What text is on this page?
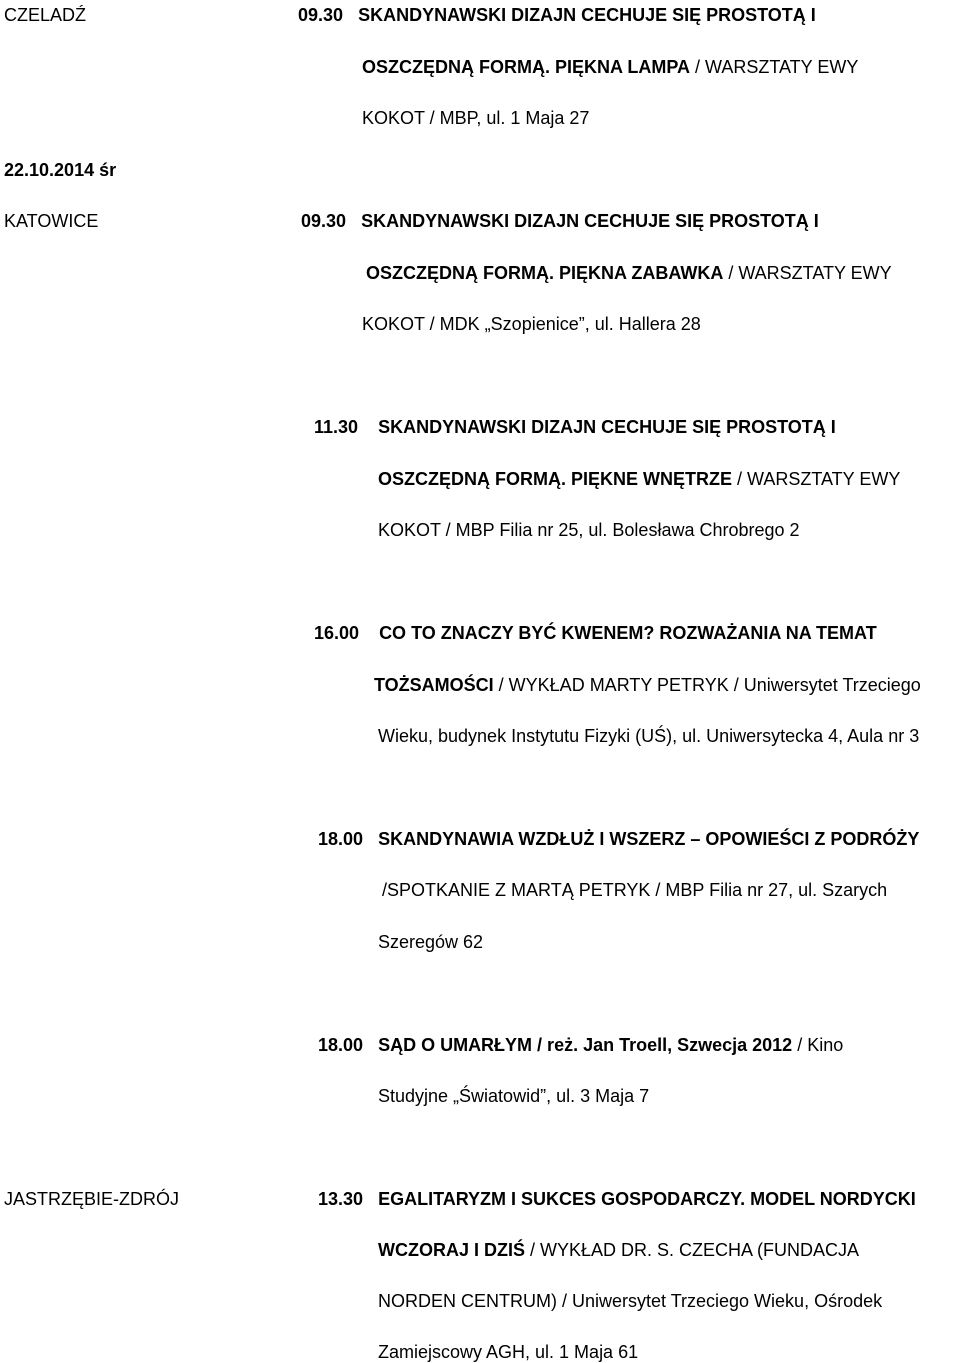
CZELADŹ	09.30 SKANDYNAWSKI DIZAJN CECHUJE SIĘ PROSTOTĄ I
OSZCZĘDNĄ FORMĄ. PIĘKNA LAMPA / WARSZTATY EWY
KOKOT / MBP, ul. 1 Maja 27
22.10.2014 śr
KATOWICE	09.30 SKANDYNAWSKI DIZAJN CECHUJE SIĘ PROSTOTĄ I
OSZCZĘDNĄ FORMĄ. PIĘKNA ZABAWKA / WARSZTATY EWY
KOKOT / MDK „Szopienice”, ul. Hallera 28
11.30 SKANDYNAWSKI DIZAJN CECHUJE SIĘ PROSTOTĄ I
OSZCZĘDNĄ FORMĄ. PIĘKNE WNĘTRZE / WARSZTATY EWY
KOKOT / MBP Filia nr 25, ul. Bolesława Chrobrego 2
16.00 CO TO ZNACZY BYĆ KWENEM? ROZWAŻANIA NA TEMAT
TOŻSAMOŚCI / WYKŁAD MARTY PETRYK / Uniwersytet Trzeciego
Wieku, budynek Instytutu Fizyki (UŚ), ul. Uniwersytecka 4, Aula nr 3
18.00 SKANDYNAWIA WZDŁUŻ I WSZERZ – OPOWIEŚCI Z PODRÓŻY
/SPOTKANIE Z MARTĄ PETRYK / MBP Filia nr 27, ul. Szarych
Szeregów 62
18.00 SĄD O UMARŁYM / reż. Jan Troell, Szwecja 2012 / Kino
Studyjne „Światowid”, ul. 3 Maja 7
JASTRZĘBIE-ZDRÓJ	13.30 EGALITARYZM I SUKCES GOSPODARCZY. MODEL NORDYCKI
WCZORAJ I DZIŚ / WYKŁAD DR. S. CZECHA (FUNDACJA
NORDEN CENTRUM) / Uniwersytet Trzeciego Wieku, Ośrodek
Zamiejscowy AGH, ul. 1 Maja 61
